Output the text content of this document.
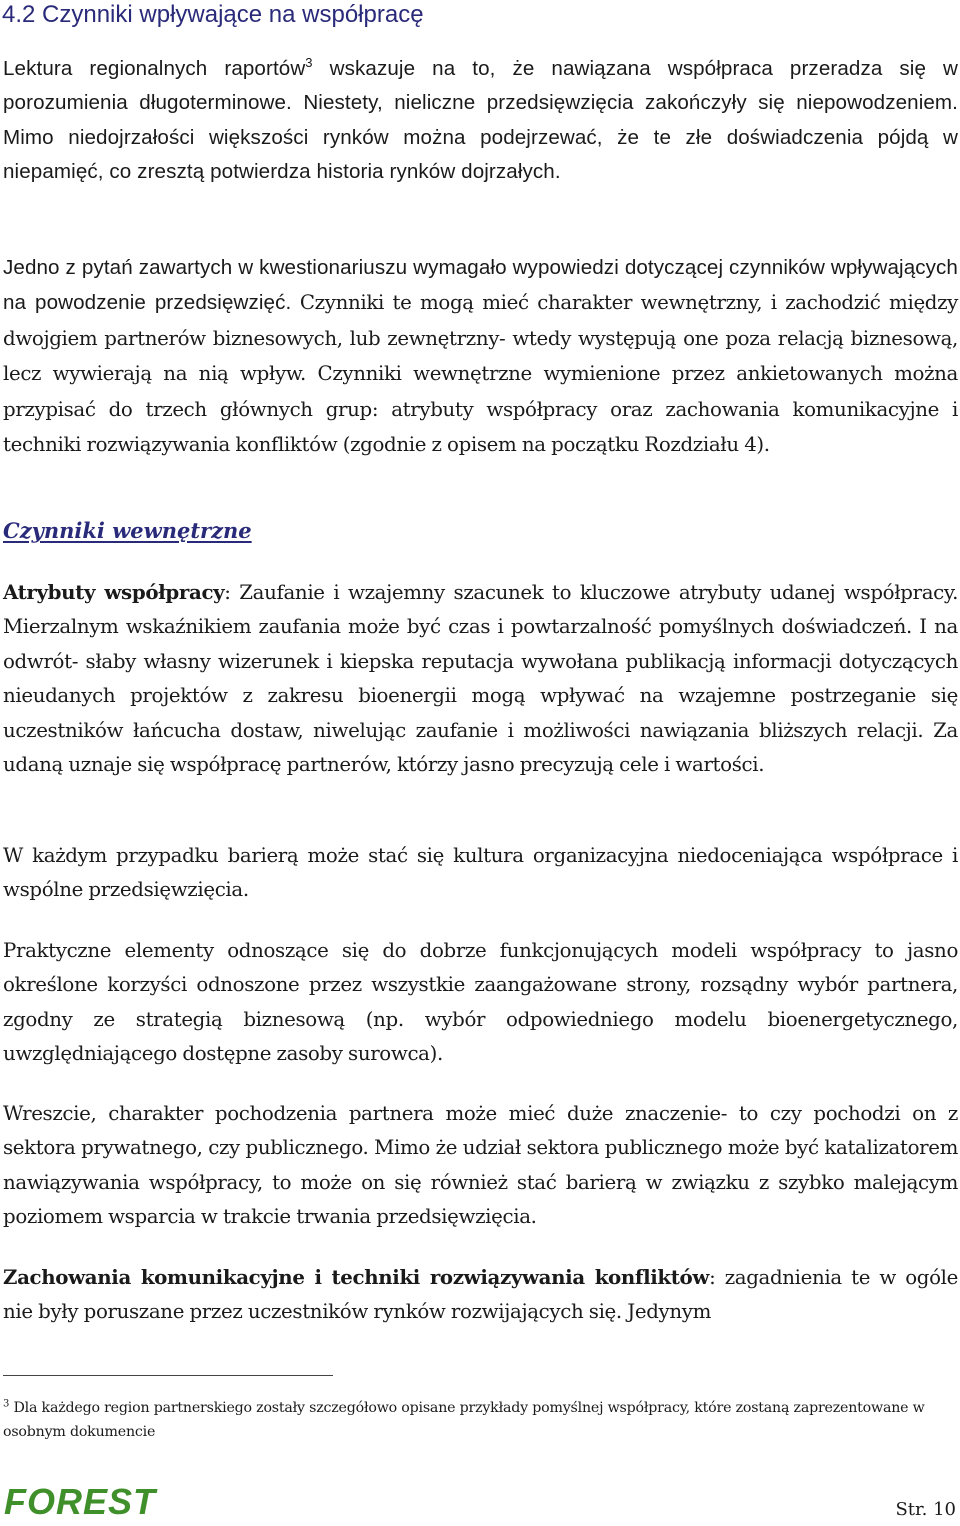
4.2 Czynniki wpływające na współpracę

Lektura regionalnych raportów$^3$ wskazuje na to, że nawiązana współpraca przeradza się w porozumienia długoterminowe. Niestety, nieliczne przedsięwzięcia zakończyły się niepowodzeniem. Mimo niedojrzałości większości rynków można podejrzewać, że te złe doświadczenia pójdą w niepamięć, co zresztą potwierdza historia rynków dojrzałych.

Jedno z pytań zawartych w kwestionariuszu wymagało wypowiedzi dotyczącej czynników wpływających na powodzenie przedsięwzięć. Czynniki te mogą mieć charakter wewnętrzny, i zachodzić między dwojgiem partnerów biznesowych, lub zewnętrzny- wtedy występują one poza relacją biznesową, lecz wywierają na nią wpływ. Czynniki wewnętrzne wymienione przez ankietowanych można przypisać do trzech głównych grup: atrybuty współpracy oraz zachowania komunikacyjne i techniki rozwiązywania konfliktów (zgodnie z opisem na początku Rozdziału 4).

Czynniki wewnętrzne

Atrybuty współpracy: Zaufanie i wzajemny szacunek to kluczowe atrybuty udanej współpracy. Mierzalnym wskaźnikiem zaufania może być czas i powtarzalność pomyślnych doświadczeń. I na odwrót- słaby własny wizerunek i kiepska reputacja wywołana publikacją informacji dotyczących nieudanych projektów z zakresu bioenergii mogą wpływać na wzajemne postrzeganie się uczestników łańcucha dostaw, niwelując zaufanie i możliwości nawiązania bliższych relacji. Za udaną uznaje się współpracę partnerów, którzy jasno precyzują cele i wartości.

W każdym przypadku barierą może stać się kultura organizacyjna niedoceniająca współprace i wspólne przedsięwzięcia.

Praktyczne elementy odnoszące się do dobrze funkcjonujących modeli współpracy to jasno określone korzyści odnoszone przez wszystkie zaangażowane strony, rozsądny wybór partnera, zgodny ze strategią biznesową (np. wybór odpowiedniego modelu bioenergetycznego, uwzględniającego dostępne zasoby surowca).

Wreszcie, charakter pochodzenia partnera może mieć duże znaczenie- to czy pochodzi on z sektora prywatnego, czy publicznego. Mimo że udział sektora publicznego może być katalizatorem nawiązywania współpracy, to może on się również stać barierą w związku z szybko malejącym poziomem wsparcia w trakcie trwania przedsięwzięcia.

Zachowania komunikacyjne i techniki rozwiązywania konfliktów: zagadnienia te w ogóle nie były poruszane przez uczestników rynków rozwijających się. Jedynym

$^3$ Dla każdego region partnerskiego zostały szczegółowo opisane przykłady pomyślnej współpracy, które zostaną zaprezentowane w osobnym dokumencie

FOREST	Str. 10
